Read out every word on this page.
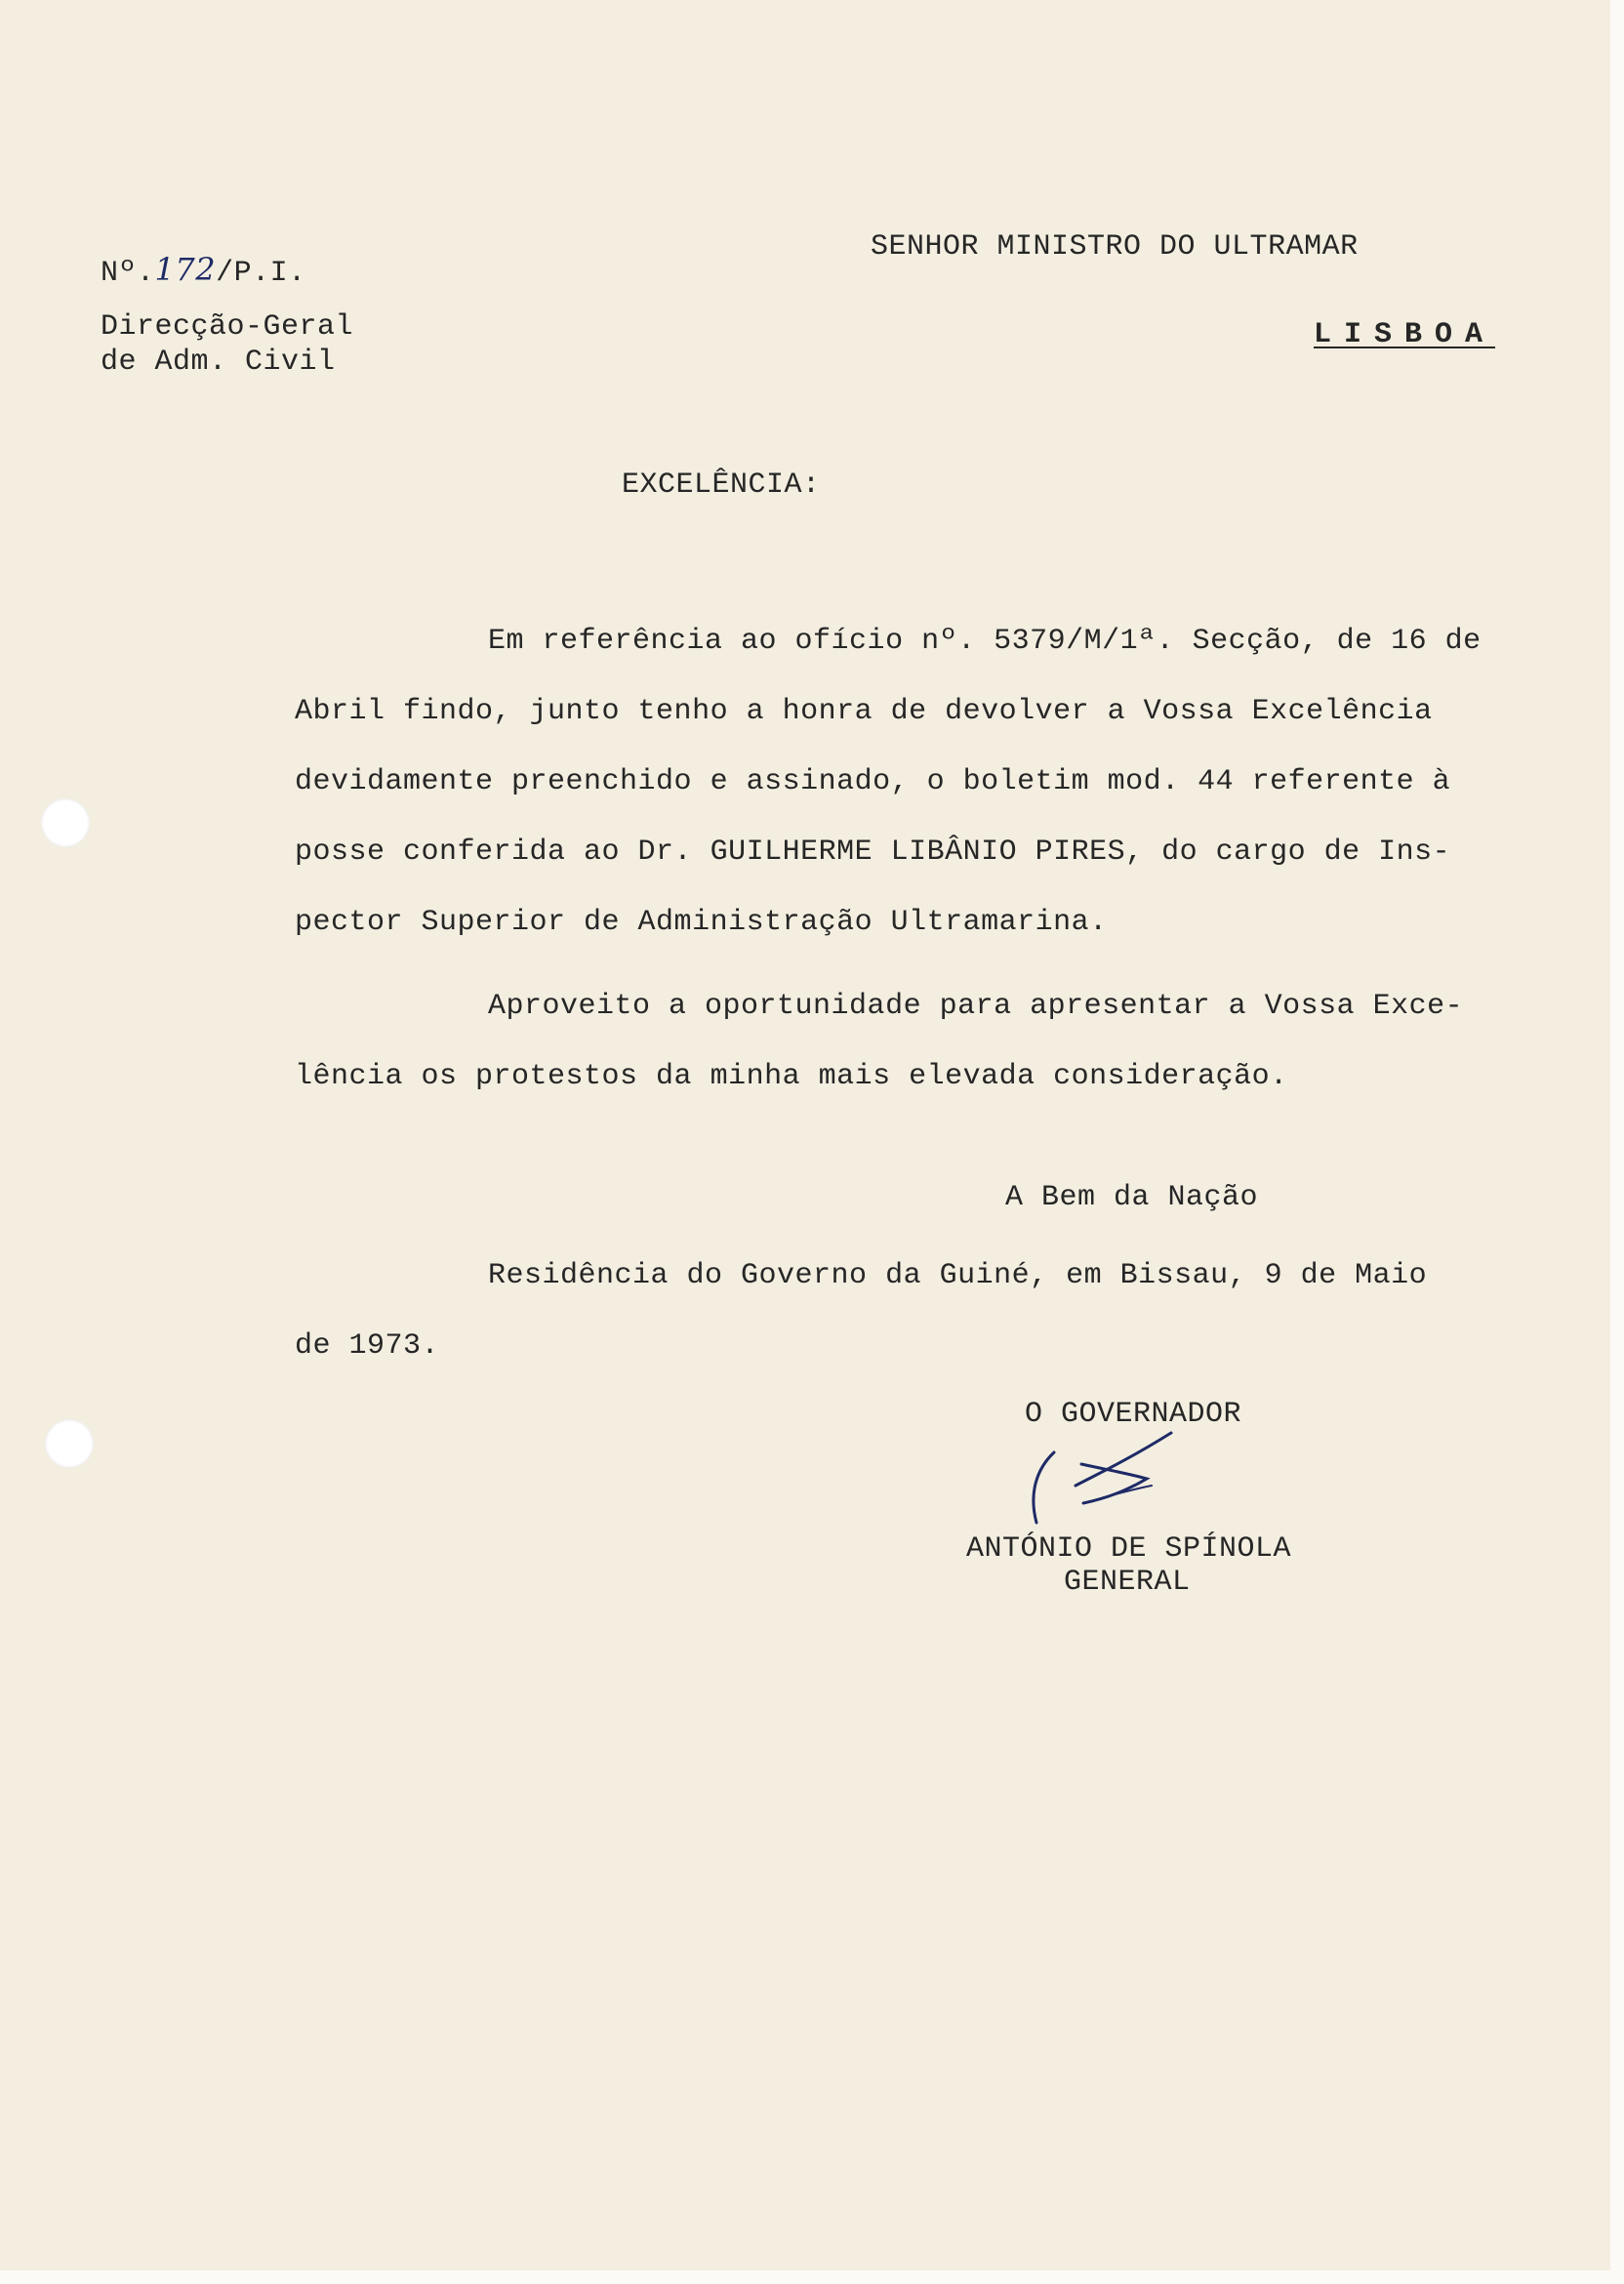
Nº.172/P.I.
Direcção-Geral
de Adm. Civil
SENHOR MINISTRO DO ULTRAMAR
LISBOA
EXCELÊNCIA:
Em referência ao ofício nº. 5379/M/1ª. Secção, de 16 de
Abril findo, junto tenho a honra de devolver a Vossa Excelência
devidamente preenchido e assinado, o boletim mod. 44 referente à
posse conferida ao Dr. GUILHERME LIBÂNIO PIRES, do cargo de Ins-
pector Superior de Administração Ultramarina.
Aproveito a oportunidade para apresentar a Vossa Exce-
lência os protestos da minha mais elevada consideração.
A Bem da Nação
Residência do Governo da Guiné, em Bissau, 9 de Maio
de 1973.
O GOVERNADOR
ANTÓNIO DE SPÍNOLA
GENERAL
